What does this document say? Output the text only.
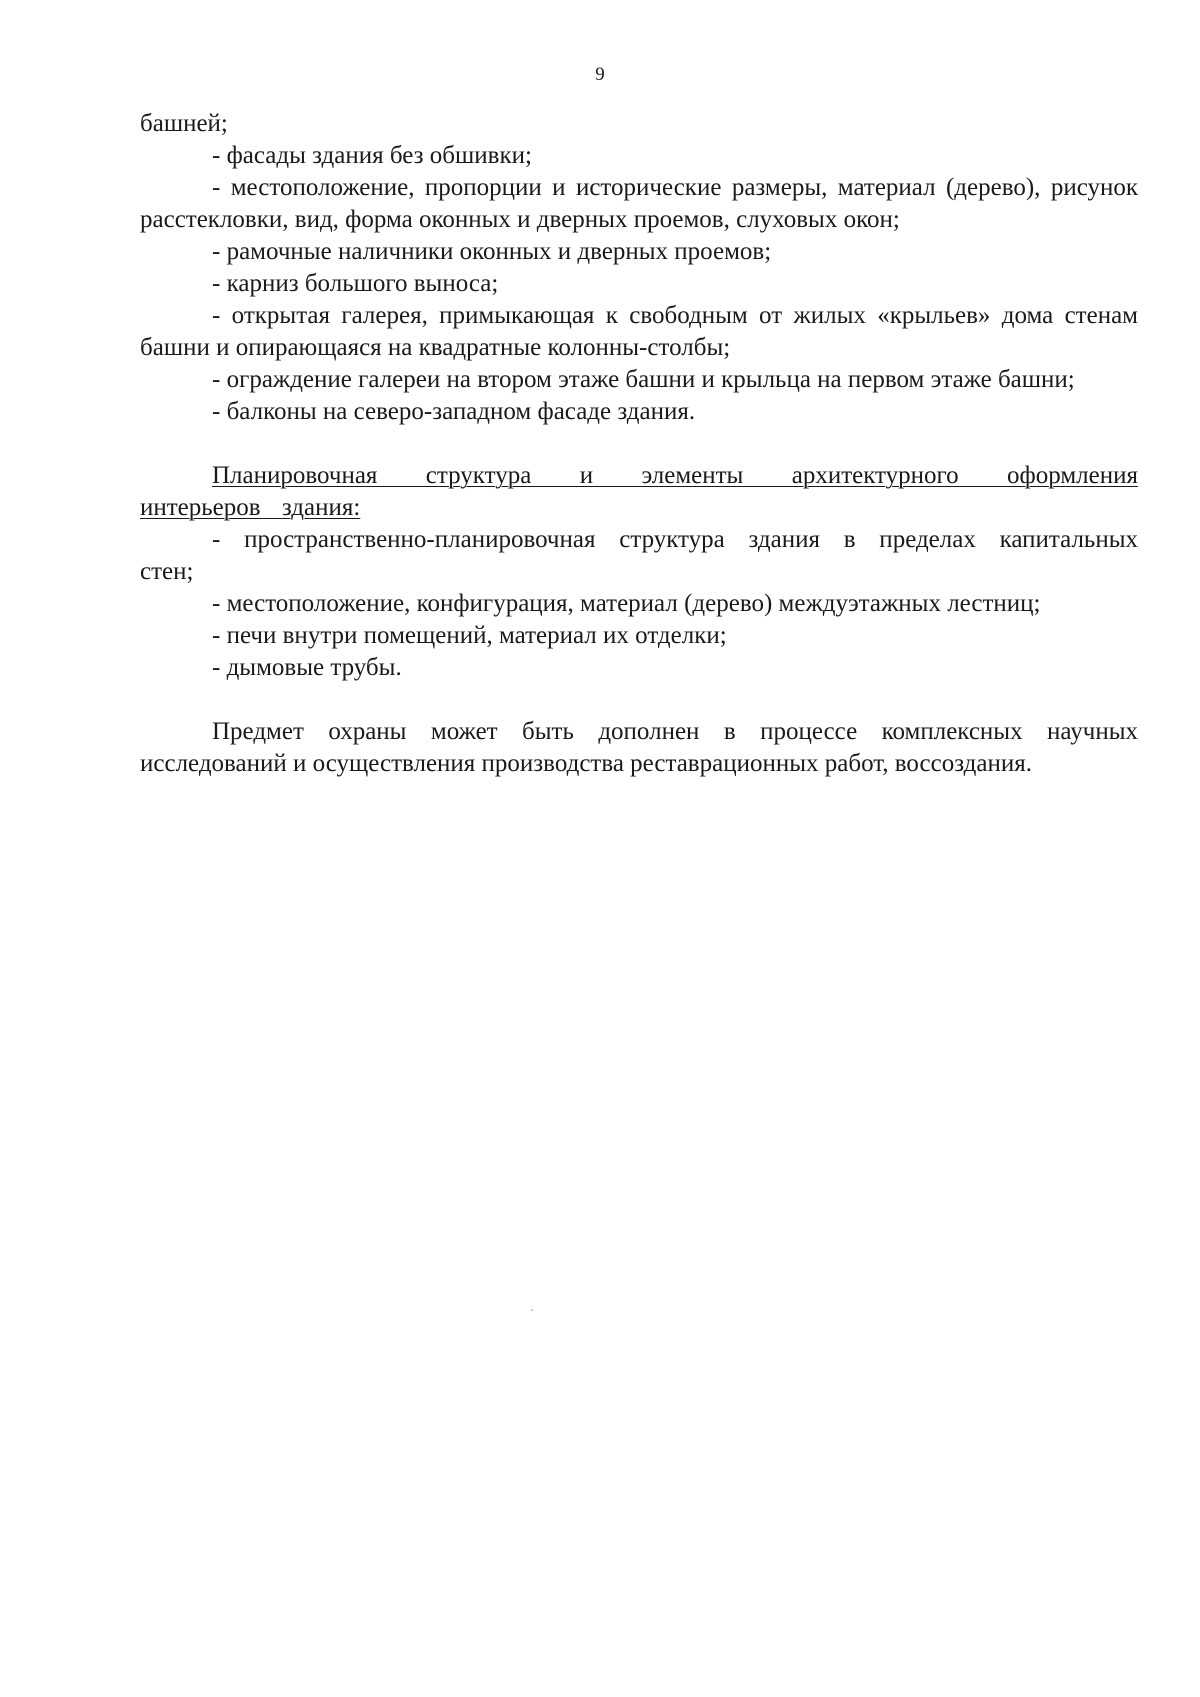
9

башней;

- фасады здания без обшивки;

- местоположение, пропорции и исторические размеры, материал (дерево), рисунок расстекловки, вид, форма оконных и дверных проемов, слуховых окон;

- рамочные наличники оконных и дверных проемов;

- карниз большого выноса;

- открытая галерея, примыкающая к свободным от жилых «крыльев» дома стенам башни и опирающаяся на квадратные колонны-столбы;

- ограждение галереи на втором этаже башни и крыльца на первом этаже башни;

- балконы на северо-западном фасаде здания.

Планировочная структура и элементы архитектурного оформления интерьеров здания:

- пространственно-планировочная структура здания в пределах капитальных стен;

- местоположение, конфигурация, материал (дерево) междуэтажных лестниц;

- печи внутри помещений, материал их отделки;

- дымовые трубы.

Предмет охраны может быть дополнен в процессе комплексных научных исследований и осуществления производства реставрационных работ, воссоздания.
